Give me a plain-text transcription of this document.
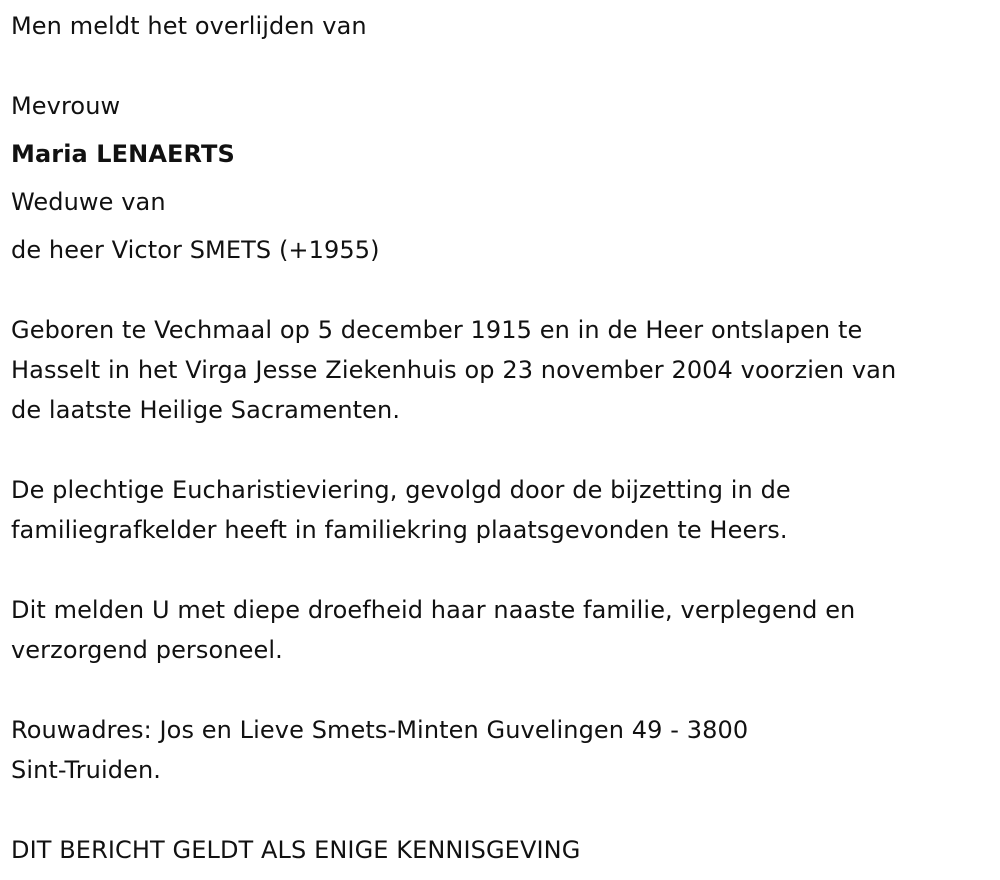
Men meldt het overlijden van
Mevrouw
Maria LENAERTS
Weduwe van
de heer Victor SMETS (+1955)
Geboren te Vechmaal op 5 december 1915 en in de Heer ontslapen te
Hasselt in het Virga Jesse Ziekenhuis op 23 november 2004 voorzien van
de laatste Heilige Sacramenten.
De plechtige Eucharistieviering, gevolgd door de bijzetting in de
familiegrafkelder heeft in familiekring plaatsgevonden te Heers.
Dit melden U met diepe droefheid haar naaste familie, verplegend en
verzorgend personeel.
Rouwadres: Jos en Lieve Smets-Minten Guvelingen 49 - 3800
Sint-Truiden.
DIT BERICHT GELDT ALS ENIGE KENNISGEVING
